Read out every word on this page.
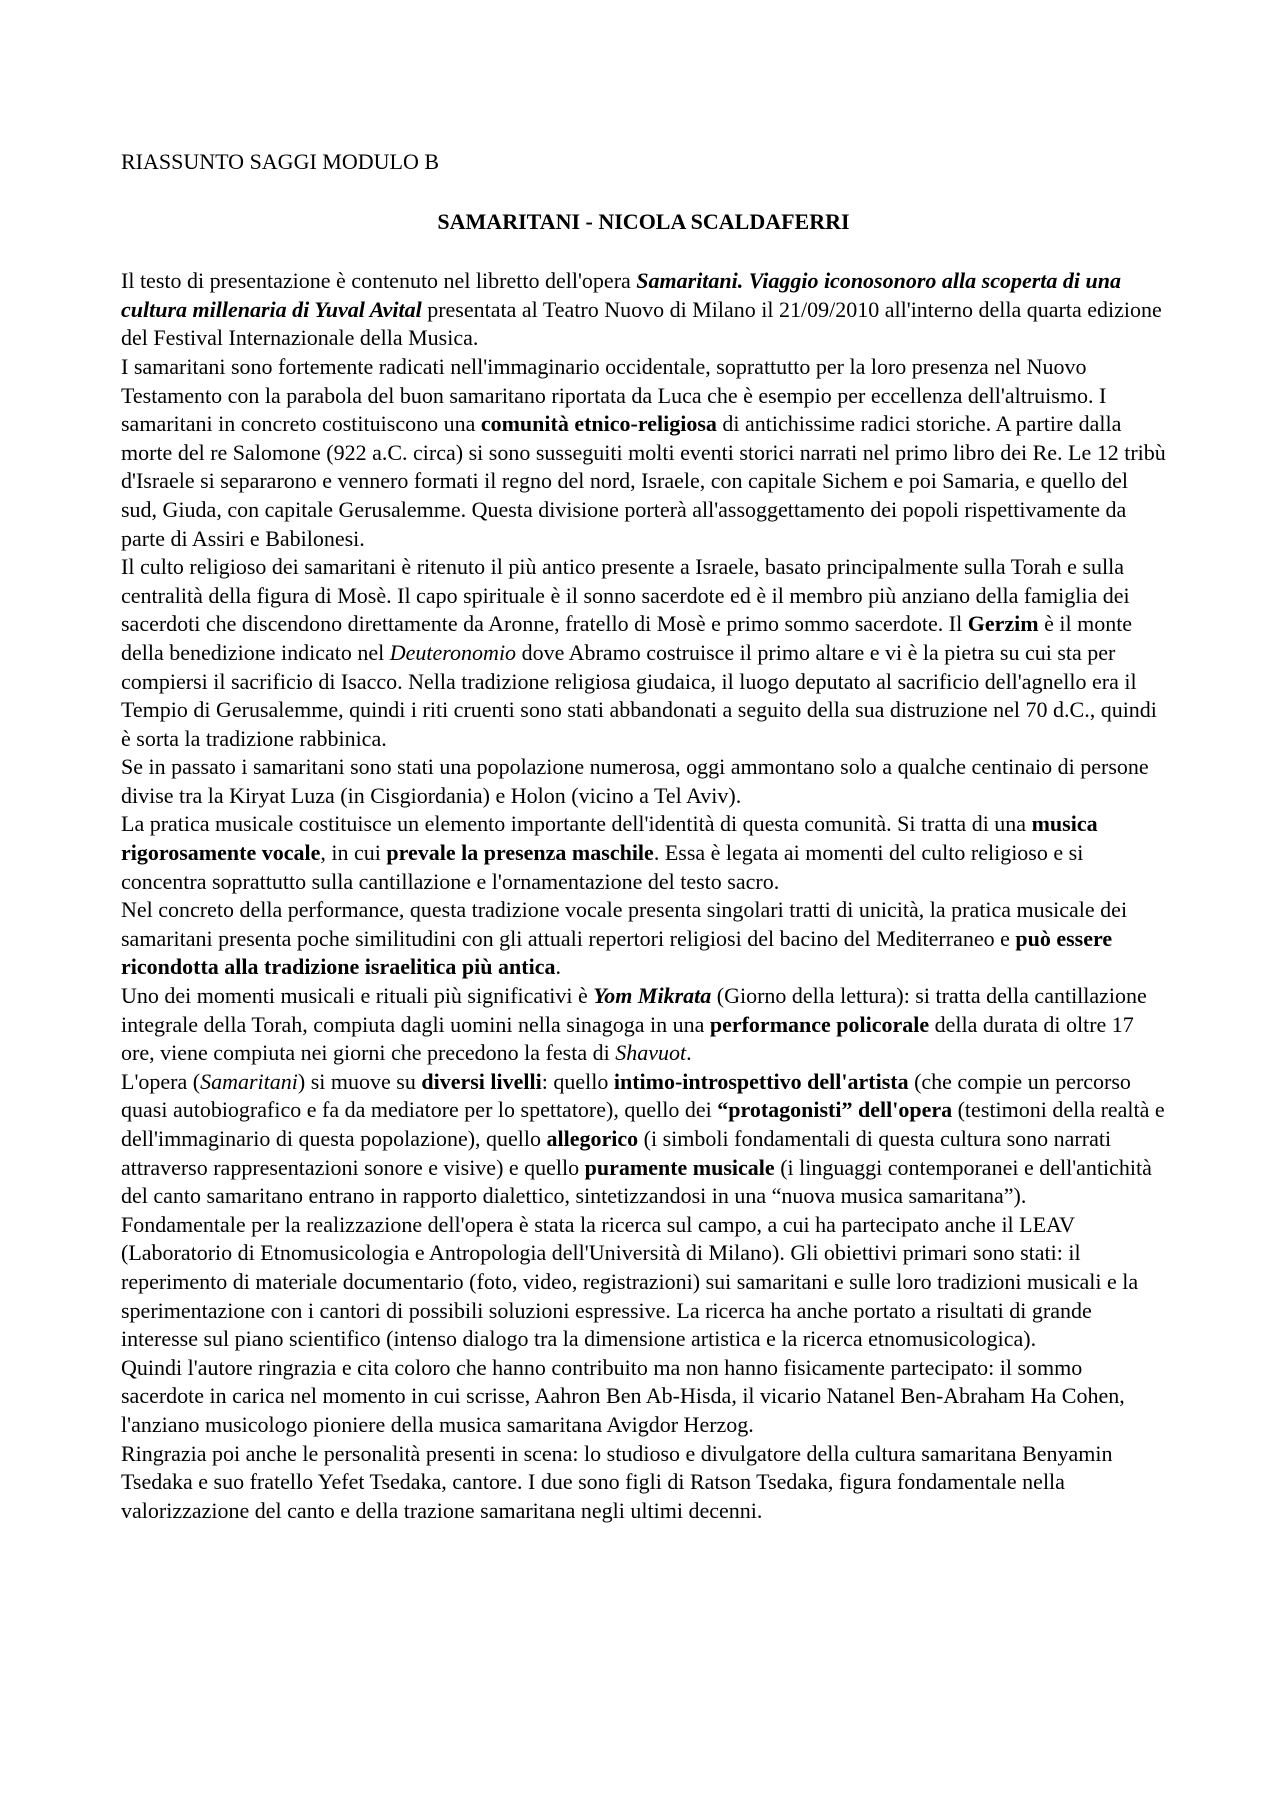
RIASSUNTO SAGGI MODULO B
SAMARITANI - NICOLA SCALDAFERRI

Il testo di presentazione è contenuto nel libretto dell'opera Samaritani. Viaggio iconosonoro alla scoperta di una cultura millenaria di Yuval Avital presentata al Teatro Nuovo di Milano il 21/09/2010 all'interno della quarta edizione del Festival Internazionale della Musica.

I samaritani sono fortemente radicati nell'immaginario occidentale, soprattutto per la loro presenza nel Nuovo Testamento con la parabola del buon samaritano riportata da Luca che è esempio per eccellenza dell'altruismo. I samaritani in concreto costituiscono una comunità etnico-religiosa di antichissime radici storiche. A partire dalla morte del re Salomone (922 a.C. circa) si sono susseguiti molti eventi storici narrati nel primo libro dei Re. Le 12 tribù d'Israele si separarono e vennero formati il regno del nord, Israele, con capitale Sichem e poi Samaria, e quello del sud, Giuda, con capitale Gerusalemme. Questa divisione porterà all'assoggettamento dei popoli rispettivamente da parte di Assiri e Babilonesi.

Il culto religioso dei samaritani è ritenuto il più antico presente a Israele, basato principalmente sulla Torah e sulla centralità della figura di Mosè. Il capo spirituale è il sonno sacerdote ed è il membro più anziano della famiglia dei sacerdoti che discendono direttamente da Aronne, fratello di Mosè e primo sommo sacerdote. Il Gerzim è il monte della benedizione indicato nel Deuteronomio dove Abramo costruisce il primo altare e vi è la pietra su cui sta per compiersi il sacrificio di Isacco. Nella tradizione religiosa giudaica, il luogo deputato al sacrificio dell'agnello era il Tempio di Gerusalemme, quindi i riti cruenti sono stati abbandonati a seguito della sua distruzione nel 70 d.C., quindi è sorta la tradizione rabbinica.

Se in passato i samaritani sono stati una popolazione numerosa, oggi ammontano solo a qualche centinaio di persone divise tra la Kiryat Luza (in Cisgiordania) e Holon (vicino a Tel Aviv).

La pratica musicale costituisce un elemento importante dell'identità di questa comunità. Si tratta di una musica rigorosamente vocale, in cui prevale la presenza maschile. Essa è legata ai momenti del culto religioso e si concentra soprattutto sulla cantillazione e l'ornamentazione del testo sacro.

Nel concreto della performance, questa tradizione vocale presenta singolari tratti di unicità, la pratica musicale dei samaritani presenta poche similitudini con gli attuali repertori religiosi del bacino del Mediterraneo e può essere ricondotta alla tradizione israelitica più antica.

Uno dei momenti musicali e rituali più significativi è Yom Mikrata (Giorno della lettura): si tratta della cantillazione integrale della Torah, compiuta dagli uomini nella sinagoga in una performance policorale della durata di oltre 17 ore, viene compiuta nei giorni che precedono la festa di Shavuot.

L'opera (Samaritani) si muove su diversi livelli: quello intimo-introspettivo dell'artista (che compie un percorso quasi autobiografico e fa da mediatore per lo spettatore), quello dei “protagonisti” dell'opera (testimoni della realtà e dell'immaginario di questa popolazione), quello allegorico (i simboli fondamentali di questa cultura sono narrati attraverso rappresentazioni sonore e visive) e quello puramente musicale (i linguaggi contemporanei e dell'antichità del canto samaritano entrano in rapporto dialettico, sintetizzandosi in una “nuova musica samaritana”).

Fondamentale per la realizzazione dell'opera è stata la ricerca sul campo, a cui ha partecipato anche il LEAV (Laboratorio di Etnomusicologia e Antropologia dell'Università di Milano). Gli obiettivi primari sono stati: il reperimento di materiale documentario (foto, video, registrazioni) sui samaritani e sulle loro tradizioni musicali e la sperimentazione con i cantori di possibili soluzioni espressive. La ricerca ha anche portato a risultati di grande interesse sul piano scientifico (intenso dialogo tra la dimensione artistica e la ricerca etnomusicologica).

Quindi l'autore ringrazia e cita coloro che hanno contribuito ma non hanno fisicamente partecipato: il sommo sacerdote in carica nel momento in cui scrisse, Aahron Ben Ab-Hisda, il vicario Natanel Ben-Abraham Ha Cohen, l'anziano musicologo pioniere della musica samaritana Avigdor Herzog.

Ringrazia poi anche le personalità presenti in scena: lo studioso e divulgatore della cultura samaritana Benyamin Tsedaka e suo fratello Yefet Tsedaka, cantore. I due sono figli di Ratson Tsedaka, figura fondamentale nella valorizzazione del canto e della trazione samaritana negli ultimi decenni.
